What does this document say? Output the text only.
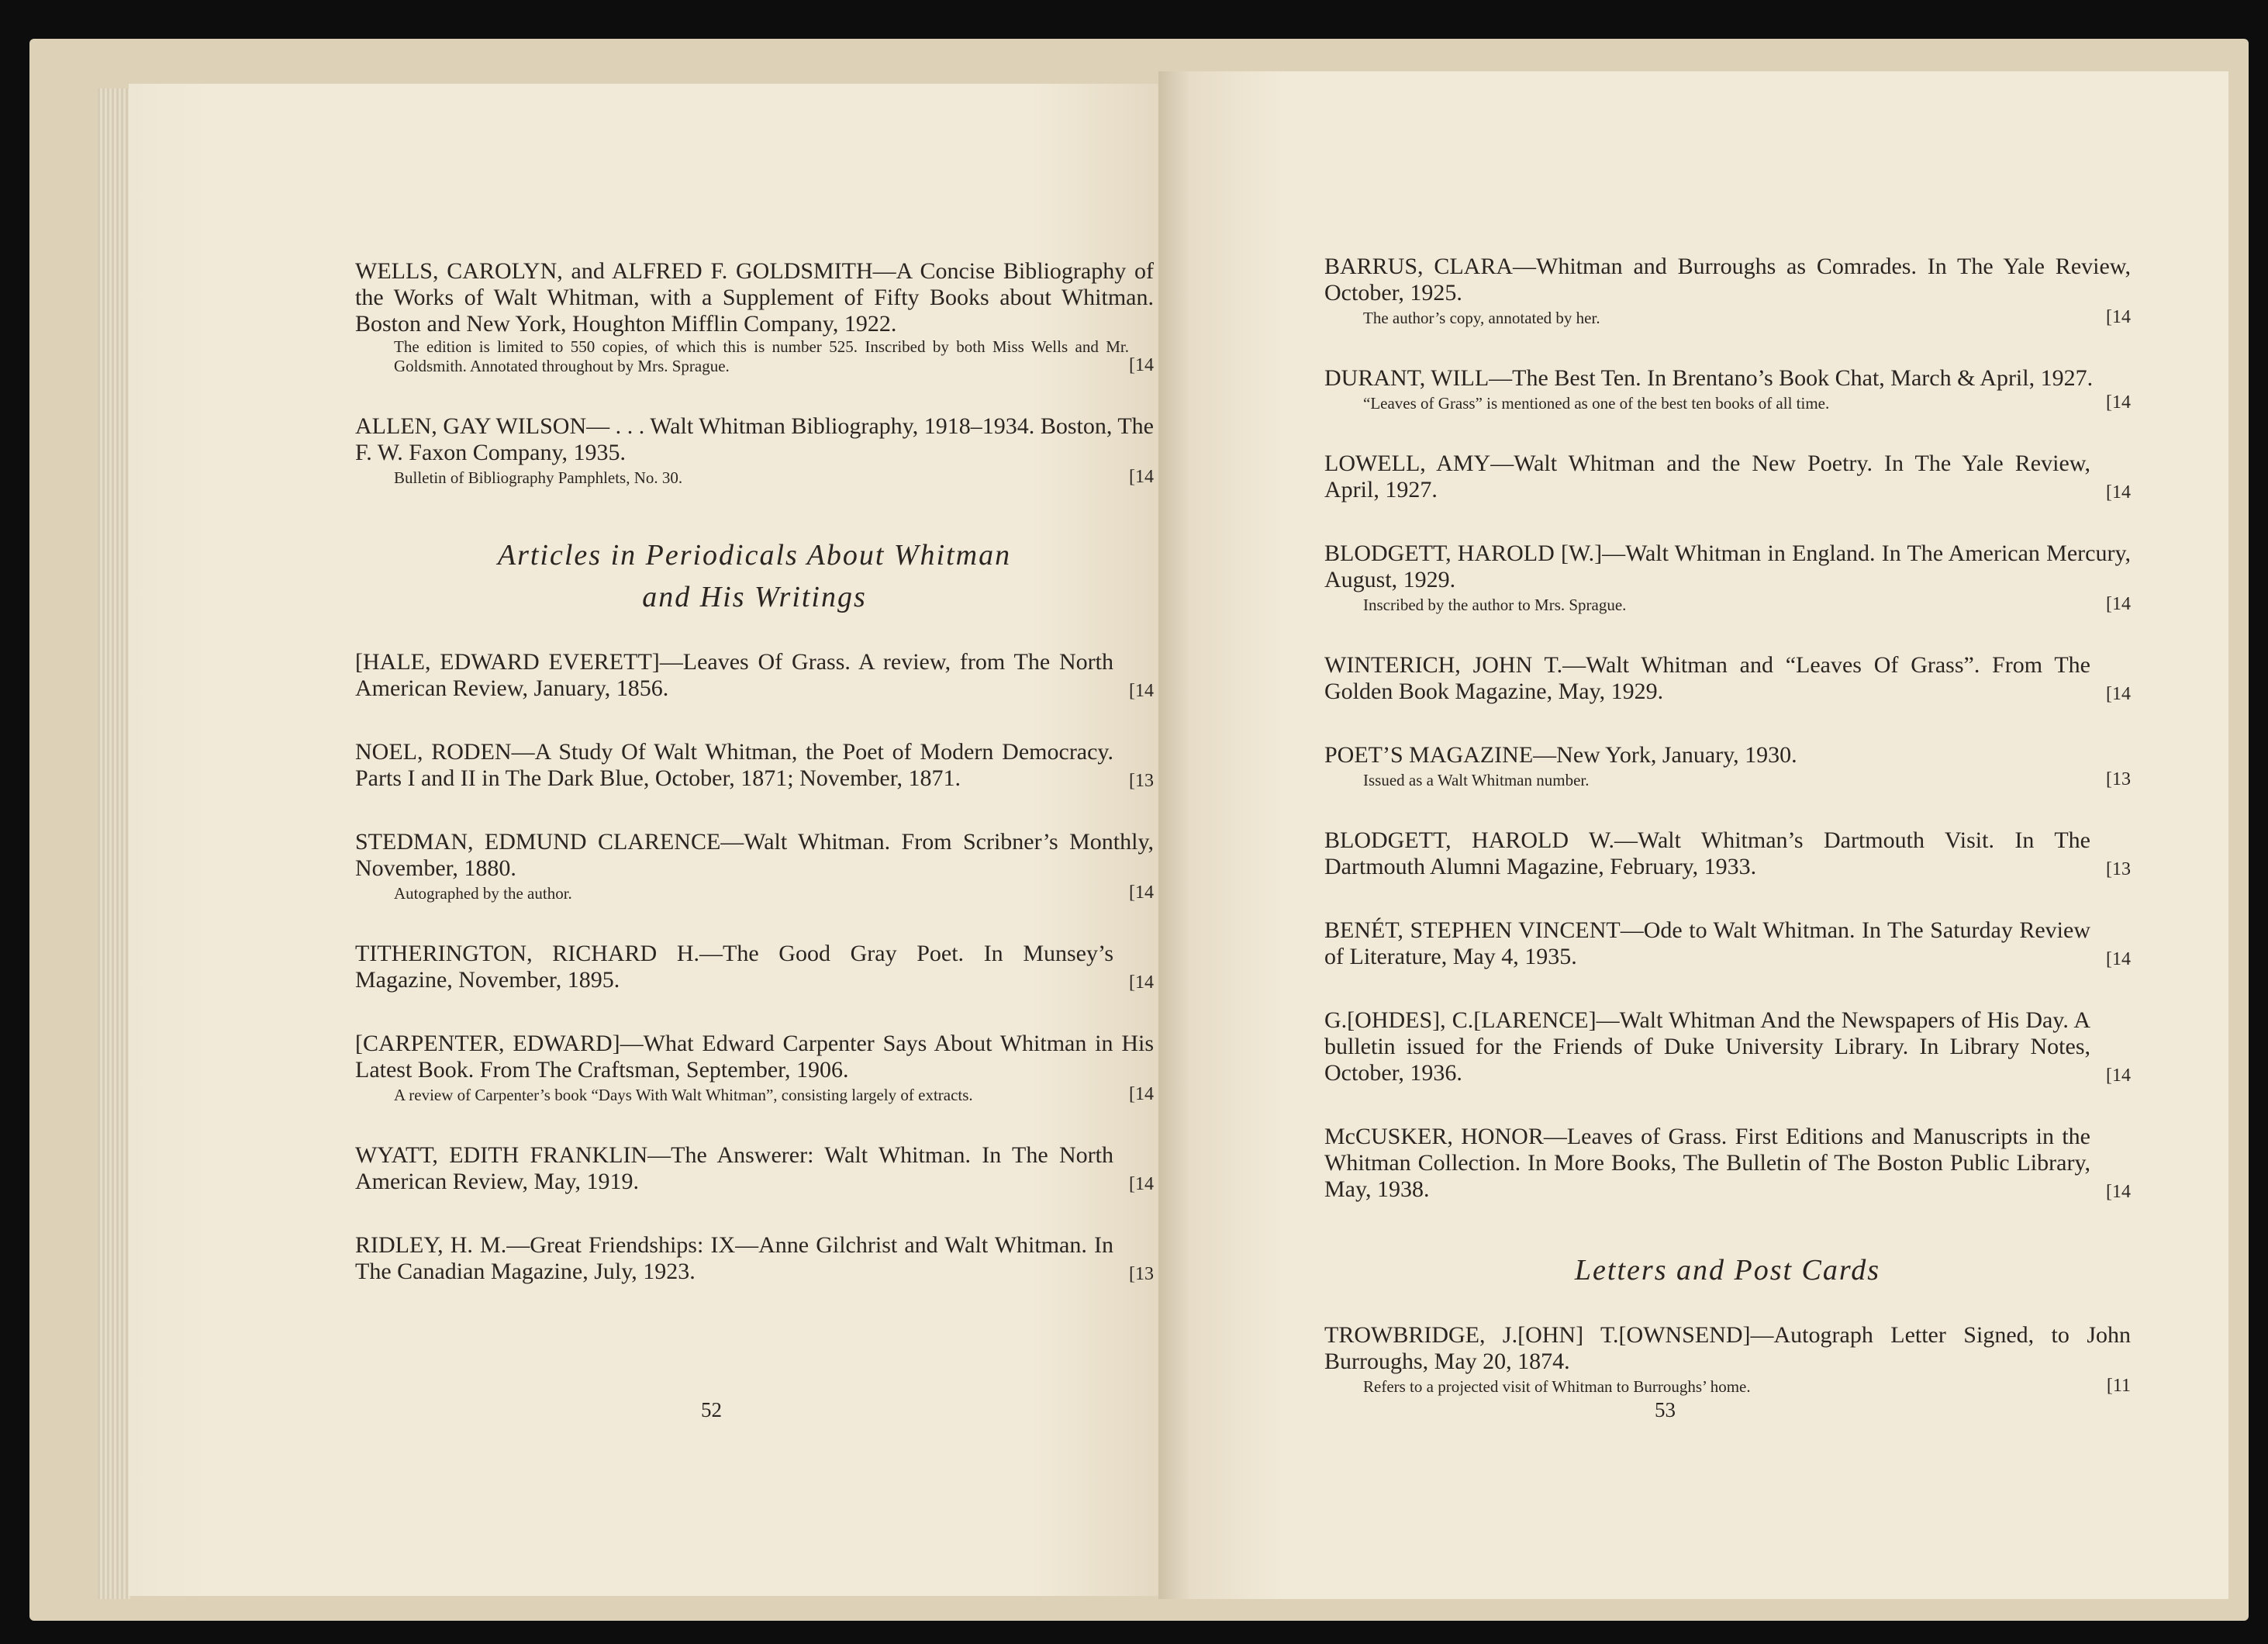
WELLS, CAROLYN, and ALFRED F. GOLDSMITH—A Concise Bibliography of the Works of Walt Whitman, with a Supplement of Fifty Books about Whitman. Boston and New York, Houghton Mifflin Company, 1922.
The edition is limited to 550 copies, of which this is number 525. Inscribed by both Miss Wells and Mr. Goldsmith. Annotated throughout by Mrs. Sprague.	[14
ALLEN, GAY WILSON— . . . Walt Whitman Bibliography, 1918–1934. Boston, The F. W. Faxon Company, 1935.
Bulletin of Bibliography Pamphlets, No. 30.	[14
Articles in Periodicals About Whitman
and His Writings
[HALE, EDWARD EVERETT]—Leaves Of Grass. A review, from The North American Review, January, 1856.	[14
NOEL, RODEN—A Study Of Walt Whitman, the Poet of Modern Democracy. Parts I and II in The Dark Blue, October, 1871; November, 1871.	[13
STEDMAN, EDMUND CLARENCE—Walt Whitman. From Scribner’s Monthly, November, 1880.
Autographed by the author.	[14
TITHERINGTON, RICHARD H.—The Good Gray Poet. In Munsey’s Magazine, November, 1895.	[14
[CARPENTER, EDWARD]—What Edward Carpenter Says About Whitman in His Latest Book. From The Craftsman, September, 1906.
A review of Carpenter’s book “Days With Walt Whitman”, consisting largely of extracts.	[14
WYATT, EDITH FRANKLIN—The Answerer: Walt Whitman. In The North American Review, May, 1919.	[14
RIDLEY, H. M.—Great Friendships: IX—Anne Gilchrist and Walt Whitman. In The Canadian Magazine, July, 1923.	[13
52
BARRUS, CLARA—Whitman and Burroughs as Comrades. In The Yale Review, October, 1925.
The author’s copy, annotated by her.	[14
DURANT, WILL—The Best Ten. In Brentano’s Book Chat, March & April, 1927.
“Leaves of Grass” is mentioned as one of the best ten books of all time.	[14
LOWELL, AMY—Walt Whitman and the New Poetry. In The Yale Review, April, 1927.	[14
BLODGETT, HAROLD [W.]—Walt Whitman in England. In The American Mercury, August, 1929.
Inscribed by the author to Mrs. Sprague.	[14
WINTERICH, JOHN T.—Walt Whitman and “Leaves Of Grass”. From The Golden Book Magazine, May, 1929.	[14
POET’S MAGAZINE—New York, January, 1930.
Issued as a Walt Whitman number.	[13
BLODGETT, HAROLD W.—Walt Whitman’s Dartmouth Visit. In The Dartmouth Alumni Magazine, February, 1933.	[13
BENÉT, STEPHEN VINCENT—Ode to Walt Whitman. In The Saturday Review of Literature, May 4, 1935.	[14
G.[OHDES], C.[LARENCE]—Walt Whitman And the Newspapers of His Day. A bulletin issued for the Friends of Duke University Library. In Library Notes, October, 1936.	[14
McCUSKER, HONOR—Leaves of Grass. First Editions and Manuscripts in the Whitman Collection. In More Books, The Bulletin of The Boston Public Library, May, 1938.	[14
Letters and Post Cards
TROWBRIDGE, J.[OHN] T.[OWNSEND]—Autograph Letter Signed, to John Burroughs, May 20, 1874.
Refers to a projected visit of Whitman to Burroughs’ home.	[11
53
